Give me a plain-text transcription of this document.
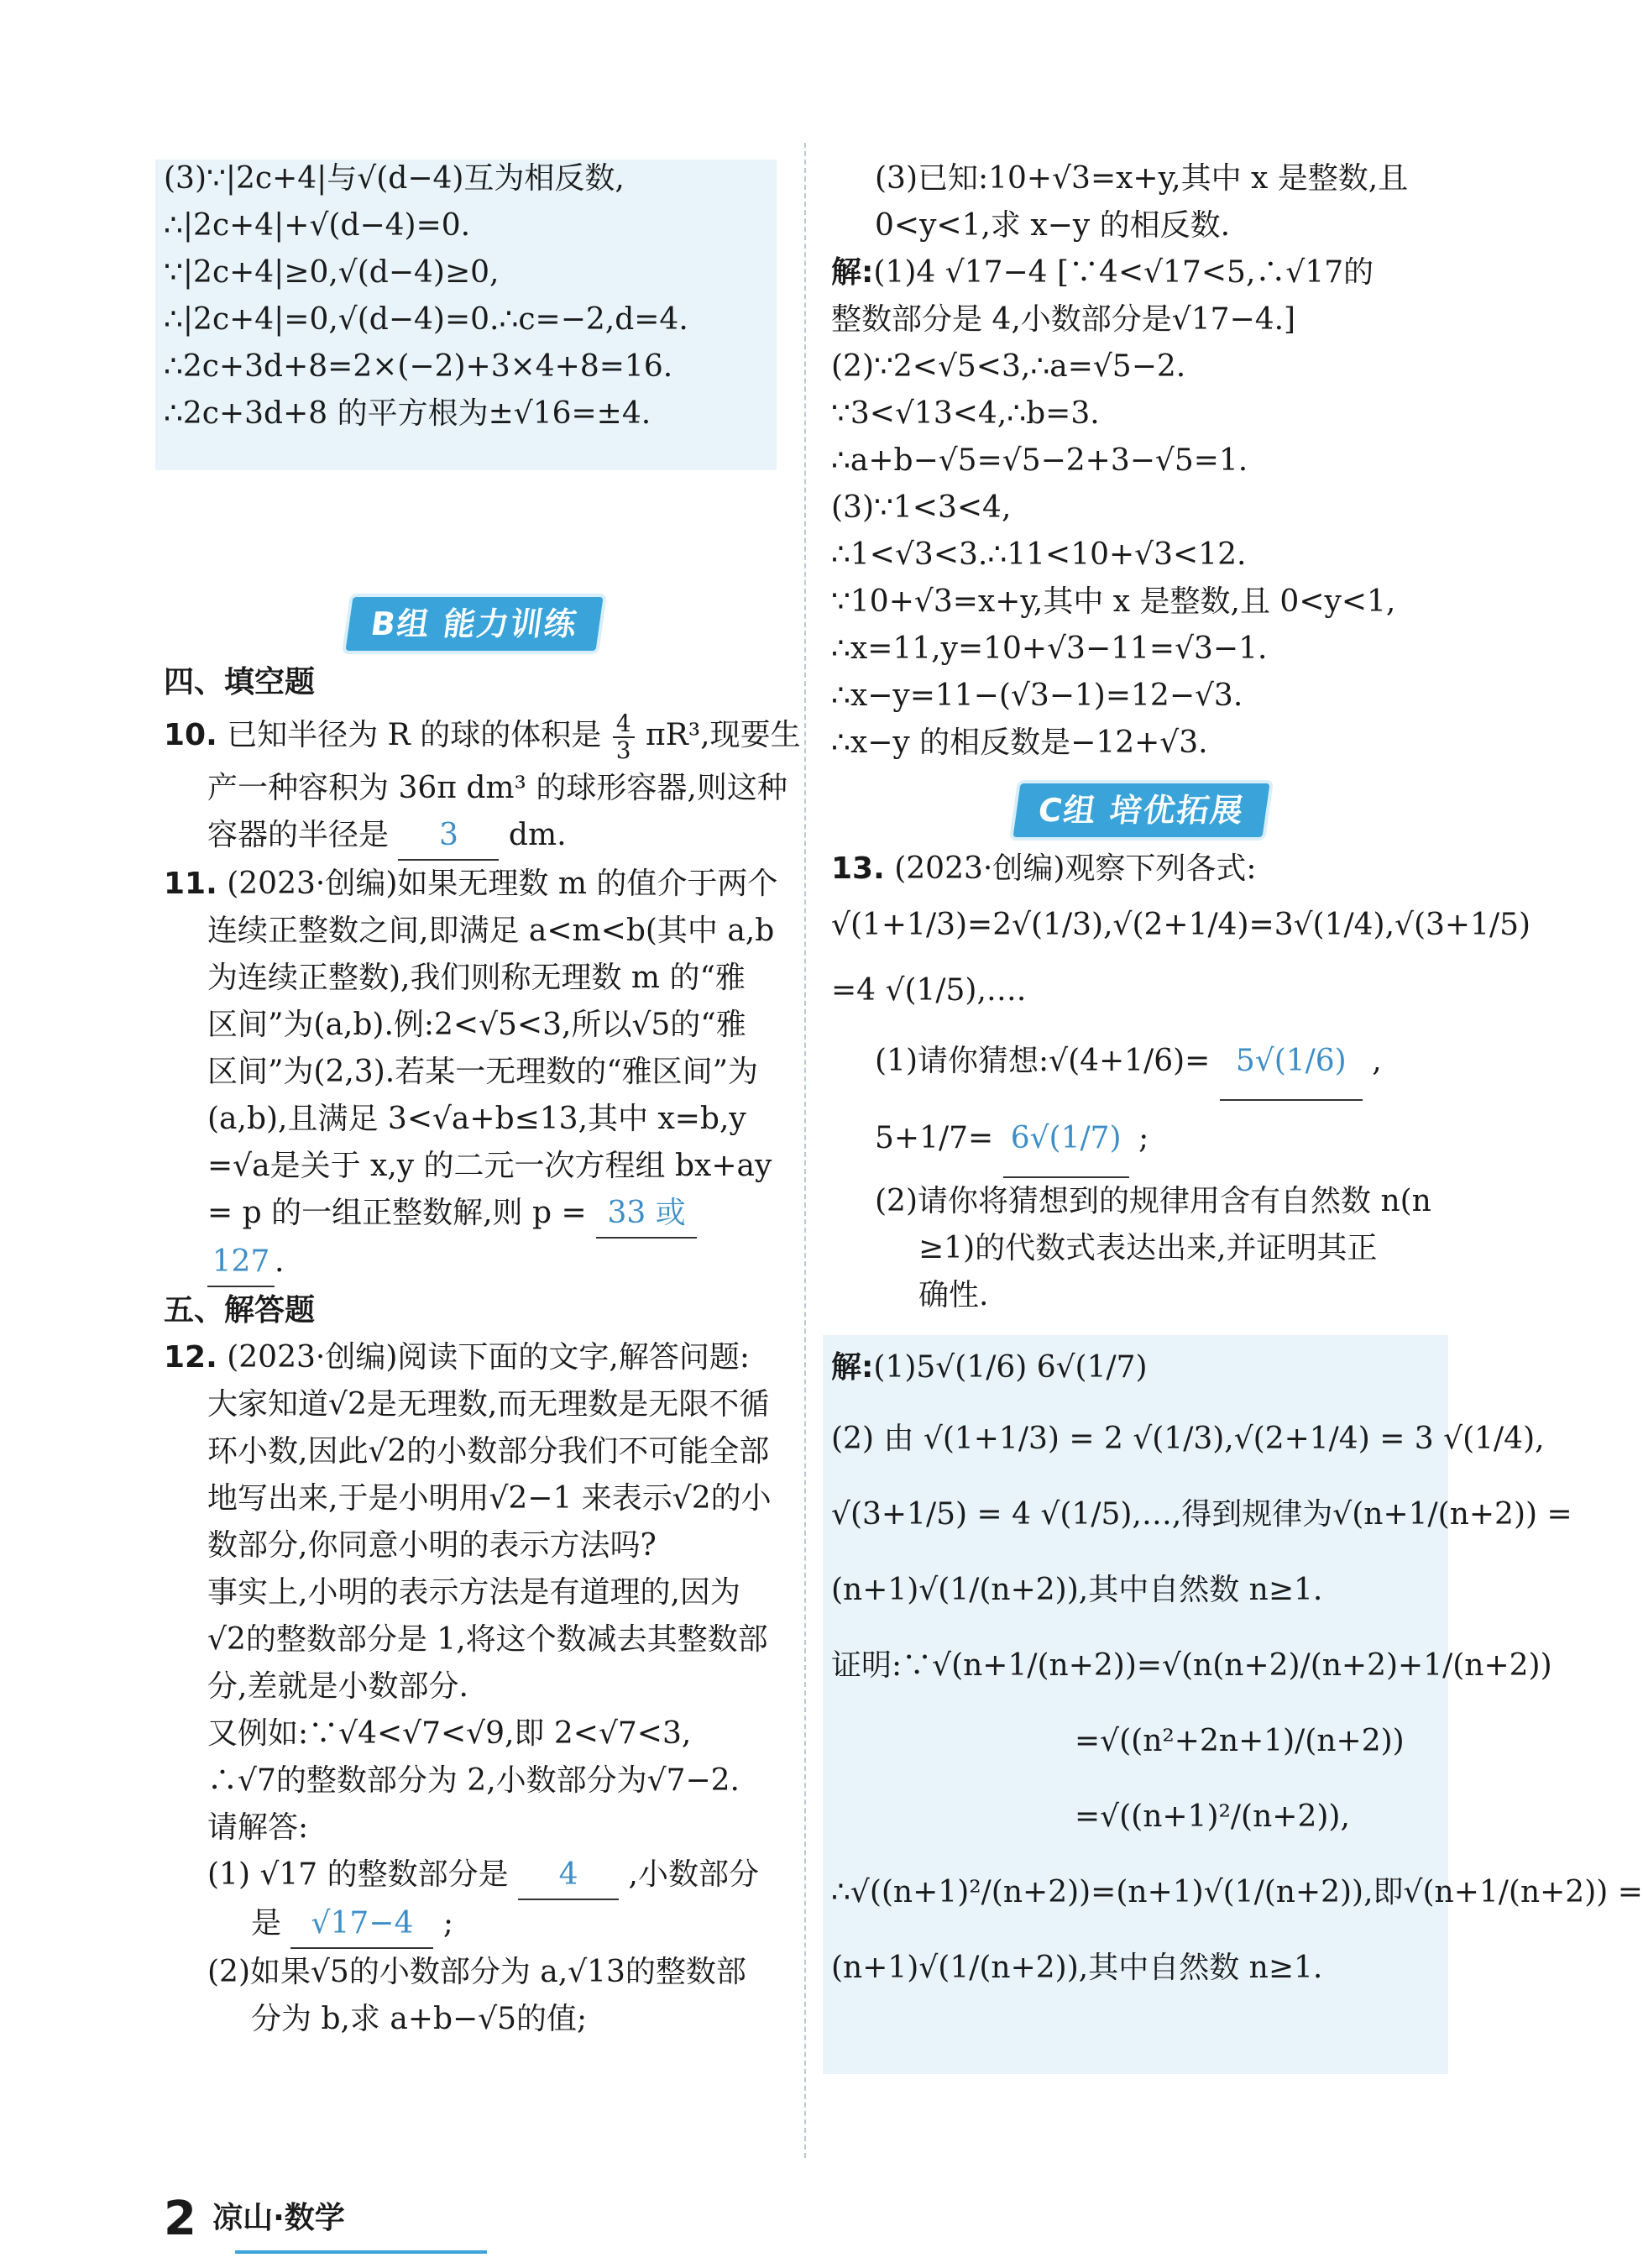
(3)∵|2c+4|与√(d−4)互为相反数,
∴|2c+4|+√(d−4)=0.
∵|2c+4|≥0,√(d−4)≥0,
∴|2c+4|=0,√(d−4)=0.∴c=−2,d=4.
∴2c+3d+8=2×(−2)+3×4+8=16.
∴2c+3d+8 的平方根为±√16=±4.
B组 能力训练
四、填空题
10. 已知半径为 R 的球的体积是 $\frac{4}{3} \pi R^3$,现要生
产一种容积为 36π dm³ 的球形容器,则这种
容器的半径是 3 dm.
11. (2023·创编)如果无理数 m 的值介于两个
连续正整数之间,即满足 a<m<b(其中 a,b
为连续正整数),我们则称无理数 m 的“雅
区间”为(a,b).例:2<√5<3,所以√5的“雅
区间”为(2,3).若某一无理数的“雅区间”为
(a,b),且满足 3<√a+b≤13,其中 x=b,y
=√a是关于 x,y 的二元一次方程组 bx+ay
= p 的一组正整数解,则 p = 33 或
127 .
五、解答题
12. (2023·创编)阅读下面的文字,解答问题:
大家知道√2是无理数,而无理数是无限不循
环小数,因此√2的小数部分我们不可能全部
地写出来,于是小明用√2−1 来表示√2的小
数部分,你同意小明的表示方法吗?
事实上,小明的表示方法是有道理的,因为
√2的整数部分是 1,将这个数减去其整数部
分,差就是小数部分.
又例如:∵√4<√7<√9,即 2<√7<3,
∴√7的整数部分为 2,小数部分为√7−2.
请解答:
(1) √17 的整数部分是 4 ,小数部分
是 √17−4 ;
(2)如果√5的小数部分为 a,√13的整数部
分为 b,求 a+b−√5的值;
(3)已知:10+√3=x+y,其中 x 是整数,且
0<y<1,求 x−y 的相反数.
解:(1)4 √17−4 [∵4<√17<5,∴√17的
整数部分是 4,小数部分是√17−4.]
(2)∵2<√5<3,∴a=√5−2.
∵3<√13<4,∴b=3.
∴a+b−√5=√5−2+3−√5=1.
(3)∵1<3<4,
∴1<√3<3.∴11<10+√3<12.
∵10+√3=x+y,其中 x 是整数,且 0<y<1,
∴x=11,y=10+√3−11=√3−1.
∴x−y=11−(√3−1)=12−√3.
∴x−y 的相反数是−12+√3.
C组 培优拓展
13. (2023·创编)观察下列各式:
√(1+1/3)=2√(1/3),√(2+1/4)=3√(1/4),√(3+1/5)
=4 √(1/5),….
(1)请你猜想:√(4+1/6)= 5√(1/6) ,
5+1/7= 6√(1/7) ;
(2)请你将猜想到的规律用含有自然数 n(n
≥1)的代数式表达出来,并证明其正
确性.
解:(1)5√(1/6) 6√(1/7)
(2) 由 √(1+1/3) = 2 √(1/3),√(2+1/4) = 3 √(1/4),
√(3+1/5) = 4 √(1/5),…,得到规律为√(n+1/(n+2)) =
(n+1)√(1/(n+2)),其中自然数 n≥1.
证明:∵√(n+1/(n+2))=√(n(n+2)/(n+2)+1/(n+2))
=√((n²+2n+1)/(n+2))
=√((n+1)²/(n+2)),
∴√((n+1)²/(n+2))=(n+1)√(1/(n+2)),即√(n+1/(n+2)) =
(n+1)√(1/(n+2)),其中自然数 n≥1.
2 凉山·数学
